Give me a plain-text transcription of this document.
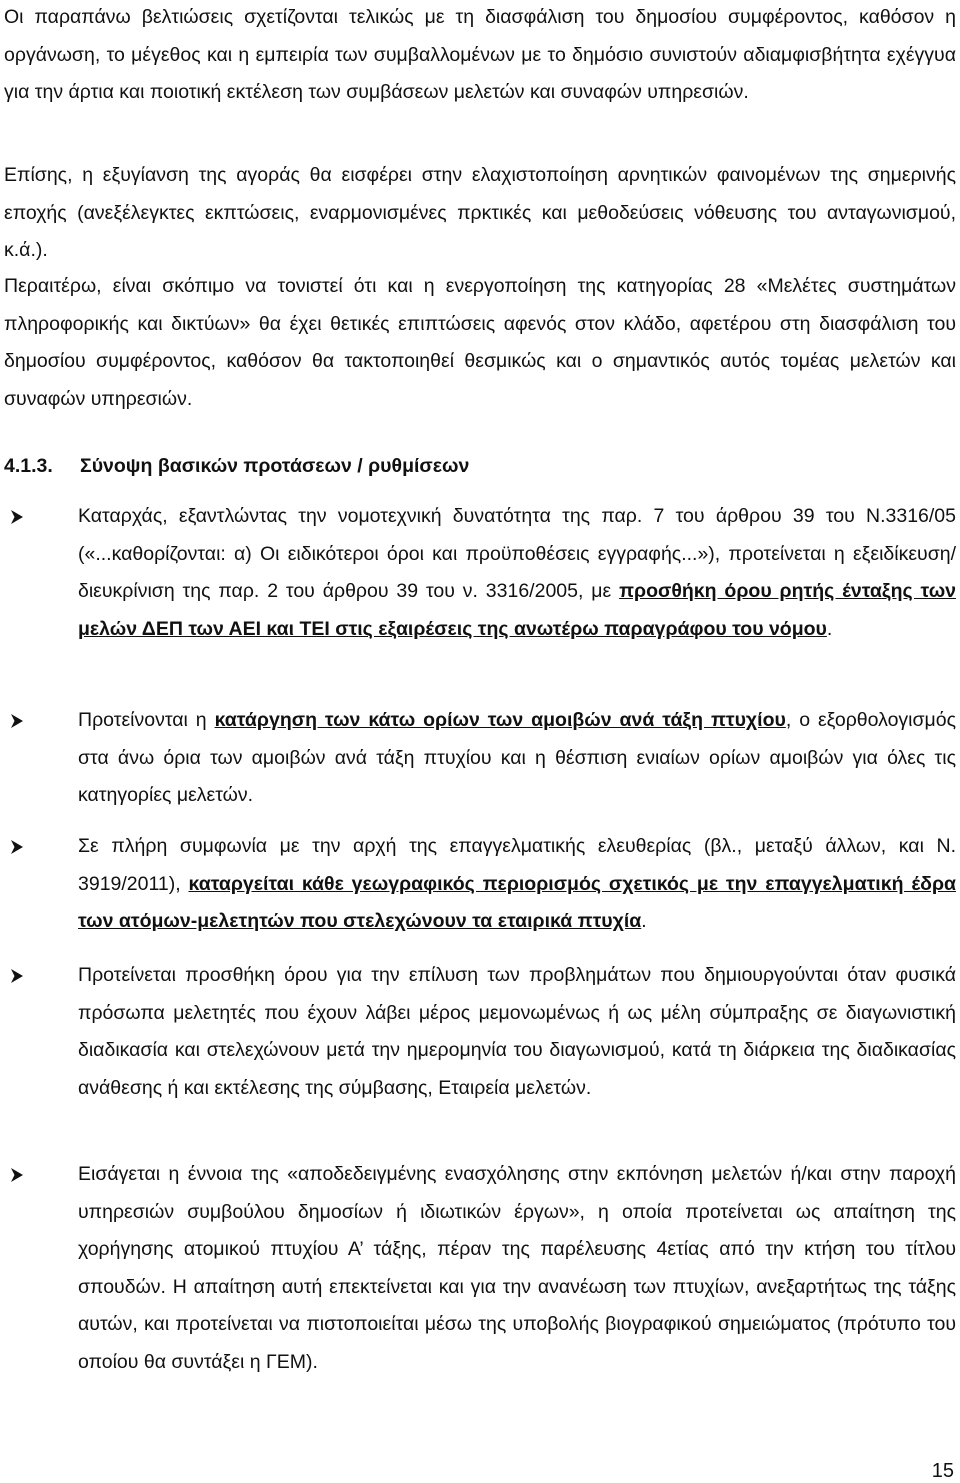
Οι παραπάνω βελτιώσεις σχετίζονται τελικώς με τη διασφάλιση του δημοσίου συμφέροντος, καθόσον η οργάνωση, το μέγεθος και η εμπειρία των συμβαλλομένων με το δημόσιο συνιστούν αδιαμφισβήτητα εχέγγυα για την άρτια και ποιοτική εκτέλεση των συμβάσεων μελετών και συναφών υπηρεσιών.

Επίσης, η εξυγίανση της αγοράς θα εισφέρει στην ελαχιστοποίηση αρνητικών φαινομένων της σημερινής εποχής (ανεξέλεγκτες εκπτώσεις, εναρμονισμένες πρκτικές και μεθοδεύσεις νόθευσης του ανταγωνισμού, κ.ά.).

Περαιτέρω, είναι σκόπιμο να τονιστεί ότι και η ενεργοποίηση της κατηγορίας 28 «Μελέτες συστημάτων πληροφορικής και δικτύων» θα έχει θετικές επιπτώσεις αφενός στον κλάδο, αφετέρου στη διασφάλιση του δημοσίου συμφέροντος, καθόσον θα τακτοποιηθεί θεσμικώς και ο σημαντικός αυτός τομέας μελετών και συναφών υπηρεσιών.

4.1.3. Σύνοψη βασικών προτάσεων / ρυθμίσεων

Καταρχάς, εξαντλώντας την νομοτεχνική δυνατότητα της παρ. 7 του άρθρου 39 του Ν.3316/05 («...καθορίζονται: α) Οι ειδικότεροι όροι και προϋποθέσεις εγγραφής...»), προτείνεται η εξειδίκευση/διευκρίνιση της παρ. 2 του άρθρου 39 του ν. 3316/2005, με προσθήκη όρου ρητής ένταξης των μελών ΔΕΠ των ΑΕΙ και ΤΕΙ στις εξαιρέσεις της ανωτέρω παραγράφου του νόμου.
Προτείνονται η κατάργηση των κάτω ορίων των αμοιβών ανά τάξη πτυχίου, ο εξορθολογισμός στα άνω όρια των αμοιβών ανά τάξη πτυχίου και η θέσπιση ενιαίων ορίων αμοιβών για όλες τις κατηγορίες μελετών.
Σε πλήρη συμφωνία με την αρχή της επαγγελματικής ελευθερίας (βλ., μεταξύ άλλων, και Ν. 3919/2011), καταργείται κάθε γεωγραφικός περιορισμός σχετικός με την επαγγελματική έδρα των ατόμων-μελετητών που στελεχώνουν τα εταιρικά πτυχία.
Προτείνεται προσθήκη όρου για την επίλυση των προβλημάτων που δημιουργούνται όταν φυσικά πρόσωπα μελετητές που έχουν λάβει μέρος μεμονωμένως ή ως μέλη σύμπραξης σε διαγωνιστική διαδικασία και στελεχώνουν μετά την ημερομηνία του διαγωνισμού, κατά τη διάρκεια της διαδικασίας ανάθεσης ή και εκτέλεσης της σύμβασης, Εταιρεία μελετών.
Εισάγεται η έννοια της «αποδεδειγμένης ενασχόλησης στην εκπόνηση μελετών ή/και στην παροχή υπηρεσιών συμβούλου δημοσίων ή ιδιωτικών έργων», η οποία προτείνεται ως απαίτηση της χορήγησης ατομικού πτυχίου Α’ τάξης, πέραν της παρέλευσης 4ετίας από την κτήση του τίτλου σπουδών. Η απαίτηση αυτή επεκτείνεται και για την ανανέωση των πτυχίων, ανεξαρτήτως της τάξης αυτών, και προτείνεται να πιστοποιείται μέσω της υποβολής βιογραφικού σημειώματος (πρότυπο του οποίου θα συντάξει η ΓΕΜ).

15
